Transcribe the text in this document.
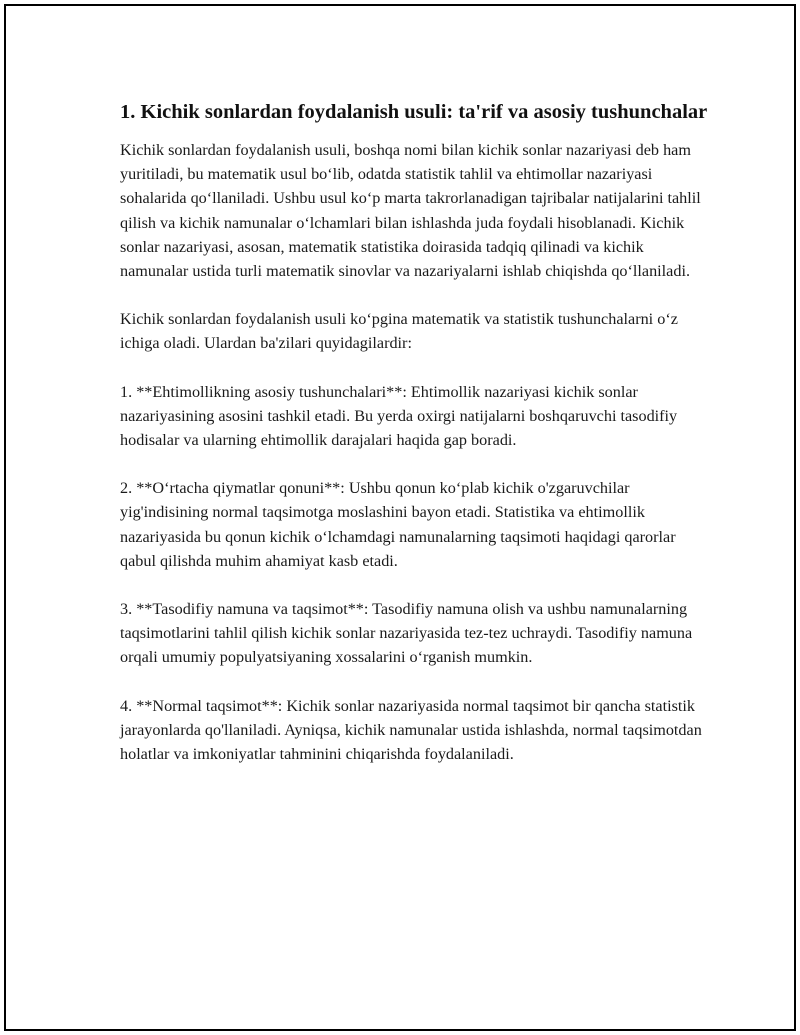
1. Kichik sonlardan foydalanish usuli: ta'rif va asosiy tushunchalar

Kichik sonlardan foydalanish usuli, boshqa nomi bilan kichik sonlar nazariyasi deb ham yuritiladi, bu matematik usul bo‘lib, odatda statistik tahlil va ehtimollar nazariyasi sohalarida qo‘llaniladi. Ushbu usul ko‘p marta takrorlanadigan tajribalar natijalarini tahlil qilish va kichik namunalar o‘lchamlari bilan ishlashda juda foydali hisoblanadi. Kichik sonlar nazariyasi, asosan, matematik statistika doirasida tadqiq qilinadi va kichik namunalar ustida turli matematik sinovlar va nazariyalarni ishlab chiqishda qo‘llaniladi.

Kichik sonlardan foydalanish usuli ko‘pgina matematik va statistik tushunchalarni o‘z ichiga oladi. Ulardan ba'zilari quyidagilardir:

1. **Ehtimollikning asosiy tushunchalari**: Ehtimollik nazariyasi kichik sonlar nazariyasining asosini tashkil etadi. Bu yerda oxirgi natijalarni boshqaruvchi tasodifiy hodisalar va ularning ehtimollik darajalari haqida gap boradi.

2. **O‘rtacha qiymatlar qonuni**: Ushbu qonun ko‘plab kichik o'zgaruvchilar yig'indisining normal taqsimotga moslashini bayon etadi. Statistika va ehtimollik nazariyasida bu qonun kichik o‘lchamdagi namunalarning taqsimoti haqidagi qarorlar qabul qilishda muhim ahamiyat kasb etadi.

3. **Tasodifiy namuna va taqsimot**: Tasodifiy namuna olish va ushbu namunalarning taqsimotlarini tahlil qilish kichik sonlar nazariyasida tez-tez uchraydi. Tasodifiy namuna orqali umumiy populyatsiyaning xossalarini o‘rganish mumkin.

4. **Normal taqsimot**: Kichik sonlar nazariyasida normal taqsimot bir qancha statistik jarayonlarda qo'llaniladi. Ayniqsa, kichik namunalar ustida ishlashda, normal taqsimotdan holatlar va imkoniyatlar tahminini chiqarishda foydalaniladi.
